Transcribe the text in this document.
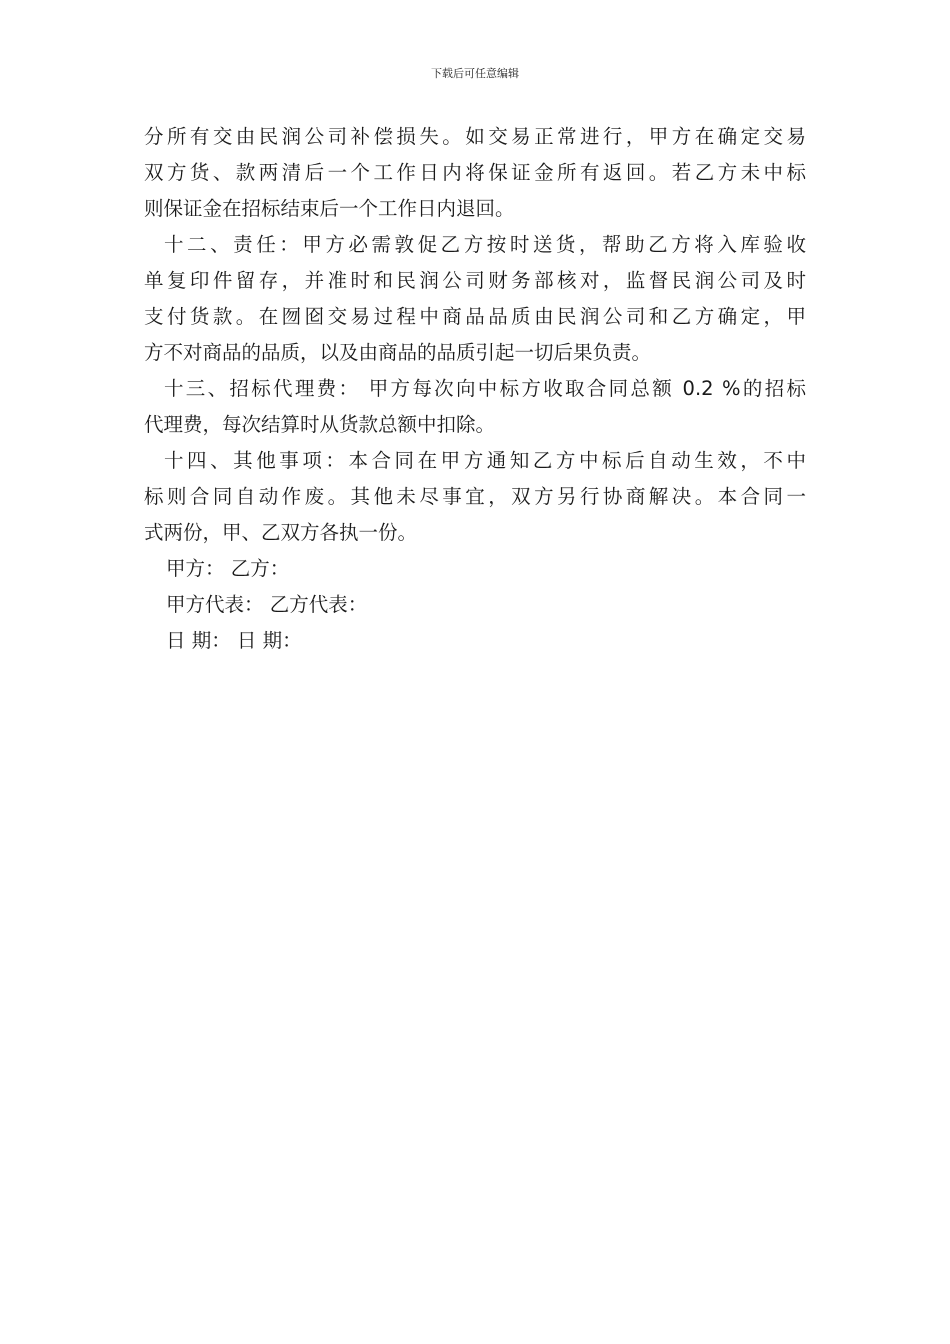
下载后可任意编辑
分所有交由民润公司补偿损失。如交易正常进行，甲方在确定交易
双方货、款两清后一个工作日内将保证金所有返回。若乙方未中标
则保证金在招标结束后一个工作日内退回。
十二、责任：甲方必需敦促乙方按时送货，帮助乙方将入库验收
单复印件留存，并准时和民润公司财务部核对，监督民润公司及时
支付货款。在囫囵交易过程中商品品质由民润公司和乙方确定，甲
方不对商品的品质，以及由商品的品质引起一切后果负责。
十三、招标代理费： 甲方每次向中标方收取合同总额 0.2 %的招标
代理费，每次结算时从货款总额中扣除。
十四、其他事项：本合同在甲方通知乙方中标后自动生效，不中
标则合同自动作废。其他未尽事宜，双方另行协商解决。本合同一
式两份，甲、乙双方各执一份。
甲方： 乙方：
甲方代表： 乙方代表：
日 期： 日 期：
